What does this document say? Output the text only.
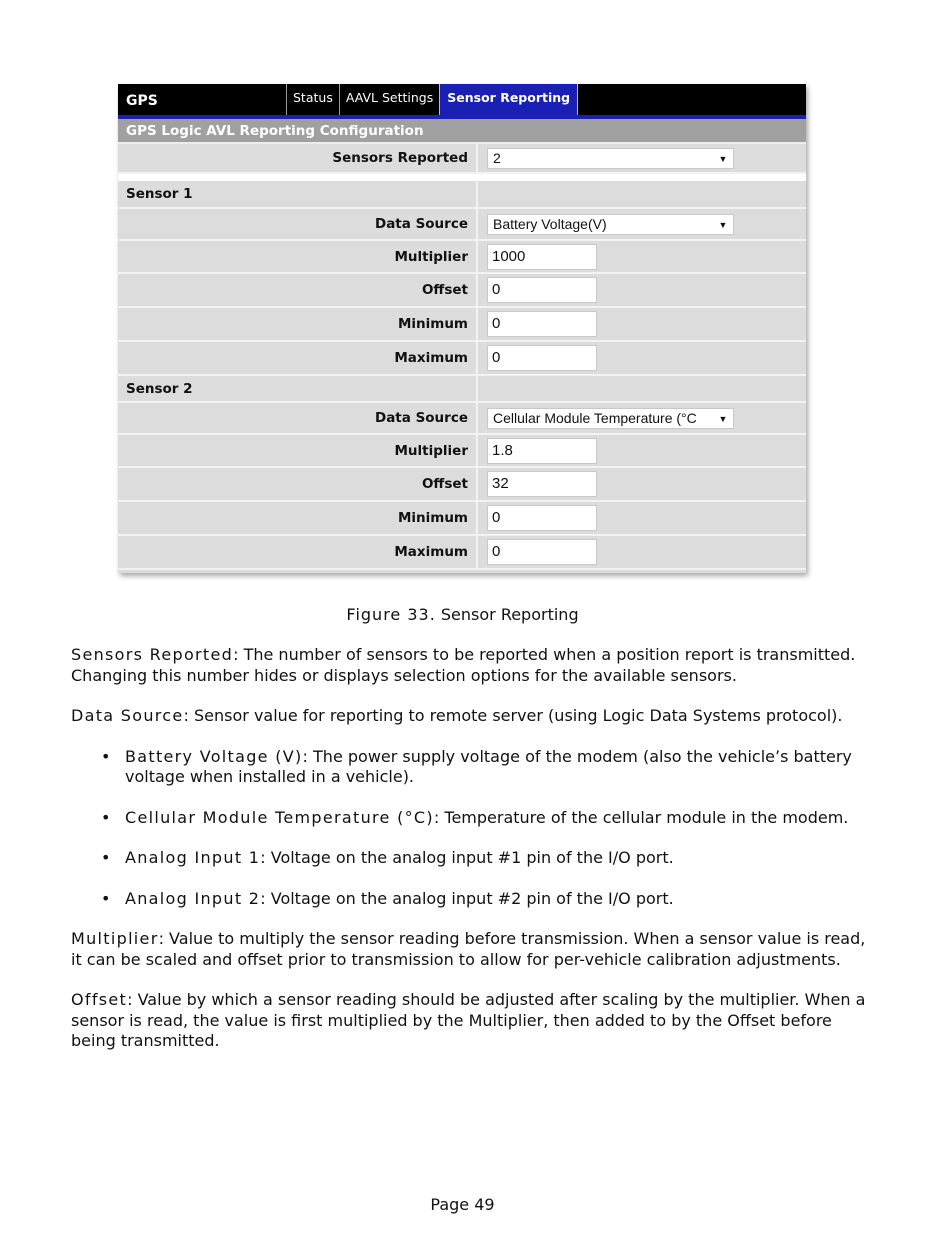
GPS	Status	AAVL Settings	Sensor Reporting
GPS Logic AVL Reporting Configuration
Sensors Reported	2 ▼

Sensor 1	
Data Source	Battery Voltage(V) ▼

Multiplier	1000

Offset	0

Minimum	0

Maximum	0

Sensor 2	
Data Source	Cellular Module Temperature (°C ▼

Multiplier	1.8

Offset	32

Minimum	0

Maximum	0
Figure 33. Sensor Reporting

Sensors Reported: The number of sensors to be reported when a position report is transmitted. Changing this number hides or displays selection options for the available sensors.

Data Source: Sensor value for reporting to remote server (using Logic Data Systems protocol).

• Battery Voltage (V): The power supply voltage of the modem (also the vehicle’s battery voltage when installed in a vehicle).
• Cellular Module Temperature (°C): Temperature of the cellular module in the modem.
• Analog Input 1: Voltage on the analog input #1 pin of the I/O port.
• Analog Input 2: Voltage on the analog input #2 pin of the I/O port.

Multiplier: Value to multiply the sensor reading before transmission. When a sensor value is read, it can be scaled and offset prior to transmission to allow for per-vehicle calibration adjustments.

Offset: Value by which a sensor reading should be adjusted after scaling by the multiplier. When a sensor is read, the value is first multiplied by the Multiplier, then added to by the Offset before being transmitted.

Page 49
